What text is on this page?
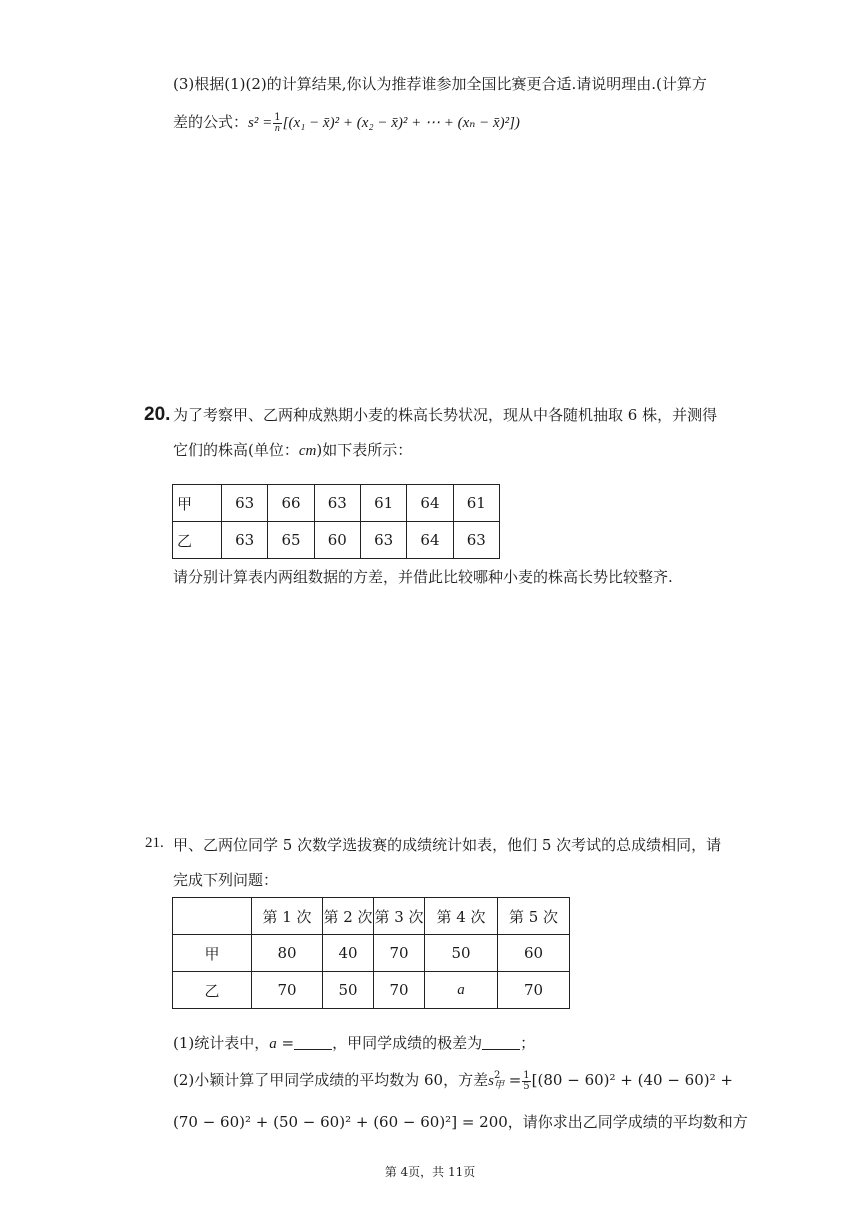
(3)根据(1)(2)的计算结果,你认为推荐谁参加全国比赛更合适.请说明理由.(计算方
差的公式：$s^2 = \frac{1}{n} [(x_1$ − x̄)² + (x₂ − x̄)² + ⋯ + (xₙ − x̄)²])
20. 为了考察甲、乙两种成熟期小麦的株高长势状况，现从中各随机抽取 6 株，并测得
它们的株高(单位：cm)如下表所示：
甲	63	66	63	61	64	61
乙	63	65	60	63	64	63
请分别计算表内两组数据的方差，并借此比较哪种小麦的株高长势比较整齐.
21. 甲、乙两位同学 5 次数学选拔赛的成绩统计如表，他们 5 次考试的总成绩相同，请
完成下列问题：
	第 1 次	第 2 次	第 3 次	第 4 次	第 5 次
甲	80	40	70	50	60
乙	70	50	70	a	70
(1)统计表中，a =	，甲同学成绩的极差为	；
(2)小颖计算了甲同学成绩的平均数为 60，方差s 2
甲 = $\frac{1}{5} [(80 - 60)^2 + (40 - 60)^2$ +
(70 − 60)² + (50 − 60)² + (60 − 60)²] = 200，请你求出乙同学成绩的平均数和方
第 4页，共 11页
